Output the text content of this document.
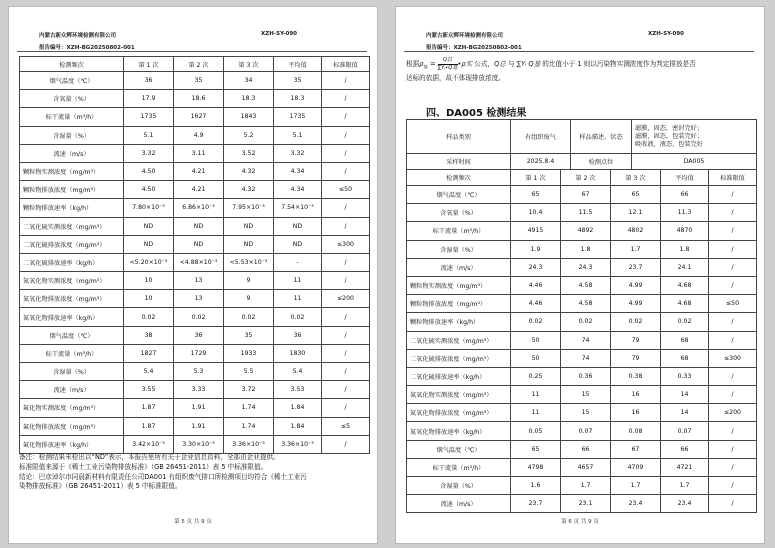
内蒙古新众辉环境检测有限公司	XZH-SY-090
报告编号：XZH-BG20250802-001
检测频次	第 1 次	第 2 次	第 3 次	平均值	标准限值
烟气温度（℃）	36	35	34	35	/
含氧量（%）	17.9	18.6	18.3	18.3	/
标干流量（m³/h）	1735	1627	1843	1735	/
含湿量（%）	5.1	4.9	5.2	5.1	/
流速（m/s）	3.32	3.11	3.52	3.32	/
颗粒物实测浓度（mg/m³）	4.50	4.21	4.32	4.34	/
颗粒物排放浓度（mg/m³）	4.50	4.21	4.32	4.34	≤50
颗粒物排放速率（kg/h）	7.80×10⁻³	6.86×10⁻³	7.95×10⁻³	7.54×10⁻³	/
二氧化硫实测浓度（mg/m³）	ND	ND	ND	ND	/
二氧化硫排放浓度（mg/m³）	ND	ND	ND	ND	≤300
二氧化硫排放速率（kg/h）	<5.20×10⁻³	<4.88×10⁻³	<5.53×10⁻³	-	/
氮氧化物实测浓度（mg/m³）	10	13	9	11	/
氮氧化物排放浓度（mg/m³）	10	13	9	11	≤200
氮氧化物排放速率（kg/h）	0.02	0.02	0.02	0.02	/
烟气温度（℃）	38	36	35	36	/
标干流量（m³/h）	1827	1729	1933	1830	/
含湿量（%）	5.4	5.3	5.5	5.4	/
流速（m/s）	3.55	3.33	3.72	3.53	/
氟化物实测浓度（mg/m³）	1.87	1.91	1.74	1.84	/
氟化物排放浓度（mg/m³）	1.87	1.91	1.74	1.84	≤5
氟化物排放速率（kg/h）	3.42×10⁻³	3.30×10⁻³	3.36×10⁻³	3.36×10⁻³	/
备注：检测结果未检出以“ND”表示，本报告里所有关于企业信息资料，全部由企业提供。
标准限值来源于《稀土工业污染物排放标准》（GB 26451-2011）表 5 中标准限值。
结论：巴彦淖尔市同晨新材料有限责任公司DA001 有组织废气排口所检测项目均符合《稀土工业污
染物排放标准》（GB 26451-2011）表 5 中标准限值。
第 5 页 共 9 页
内蒙古新众辉环境检测有限公司	XZH-SY-090
报告编号：XZH-BG20250802-001
根据$\rho_基 = \frac{\text{Q总}}{\text{∑Yᵢ•Q基}}$ •ρ实 公式，Q总 与 ∑Yᵢ Q基 的比值小于 1 则以污染物实测浓度作为判定排放是否
达标的依据，故不体现排放浓度。
四、DA005 检测结果
样品类别	有组织废气	样品描述、状态	滤膜，固态，密封完好；
滤膜，固态，包装完好；
吸收液，液态，包装完好

采样时间	2025.8.4	检测点位	DA005
检测频次	第 1 次	第 2 次	第 3 次	平均值	标准限值
烟气温度（℃）	65	67	65	66	/
含氧量（%）	10.4	11.5	12.1	11.3	/
标干流量（m³/h）	4915	4892	4802	4870	/
含湿量（%）	1.9	1.8	1.7	1.8	/
流速（m/s）	24.3	24.3	23.7	24.1	/
颗粒物实测浓度（mg/m³）	4.46	4.58	4.99	4.68	/
颗粒物排放浓度（mg/m³）	4.46	4.58	4.99	4.68	≤50
颗粒物排放速率（kg/h）	0.02	0.02	0.02	0.02	/
二氧化硫实测浓度（mg/m³）	50	74	79	68	/
二氧化硫排放浓度（mg/m³）	50	74	79	68	≤300
二氧化硫排放速率（kg/h）	0.25	0.36	0.38	0.33	/
氮氧化物实测浓度（mg/m³）	11	15	16	14	/
氮氧化物排放浓度（mg/m³）	11	15	16	14	≤200
氮氧化物排放速率（kg/h）	0.05	0.07	0.08	0.07	/
烟气温度（℃）	65	66	67	66	/
标干流量（m³/h）	4798	4657	4709	4721	/
含湿量（%）	1.6	1.7	1.7	1.7	/
流速（m/s）	23.7	23.1	23.4	23.4	/
第 6 页 共 9 页
